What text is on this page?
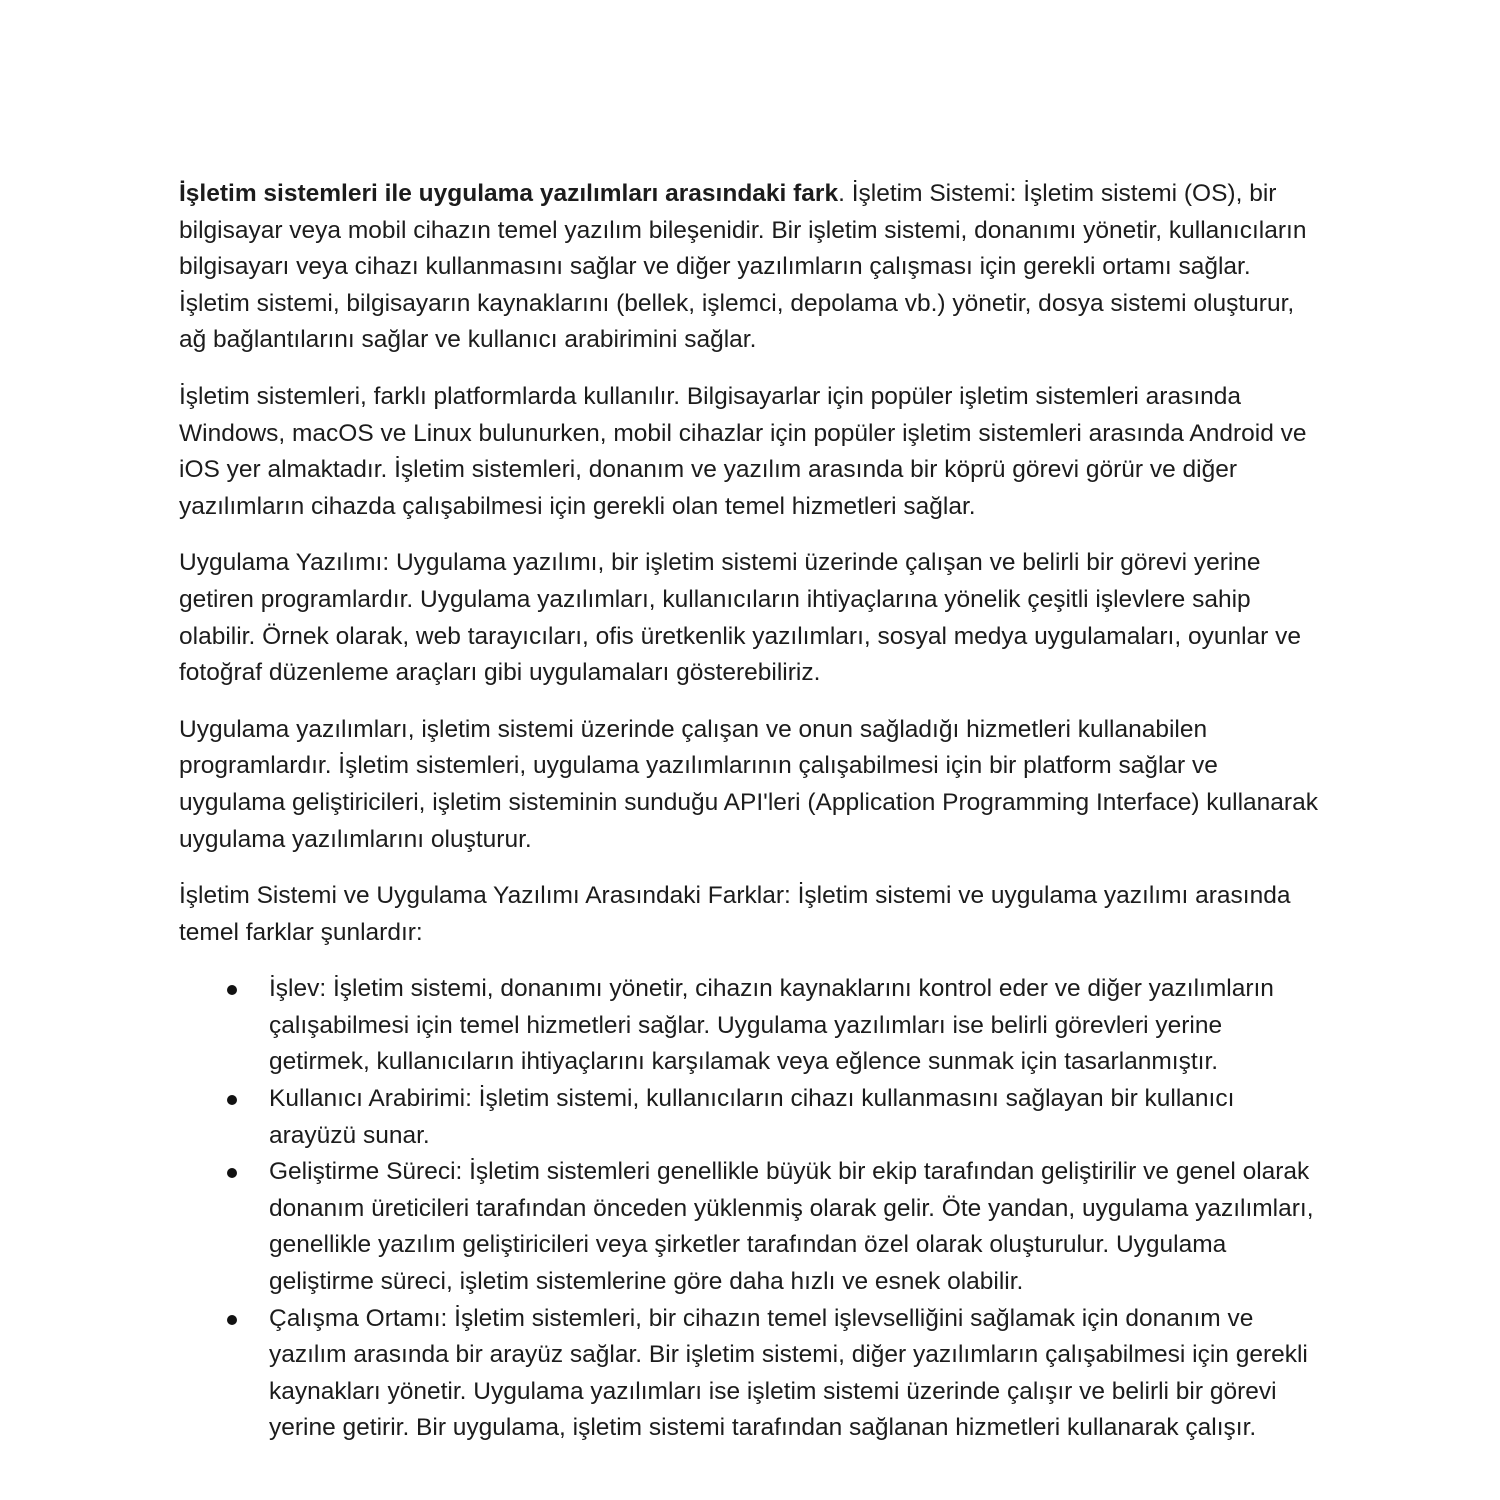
İşletim sistemleri ile uygulama yazılımları arasındaki fark. İşletim Sistemi: İşletim sistemi (OS), bir bilgisayar veya mobil cihazın temel yazılım bileşenidir. Bir işletim sistemi, donanımı yönetir, kullanıcıların bilgisayarı veya cihazı kullanmasını sağlar ve diğer yazılımların çalışması için gerekli ortamı sağlar. İşletim sistemi, bilgisayarın kaynaklarını (bellek, işlemci, depolama vb.) yönetir, dosya sistemi oluşturur, ağ bağlantılarını sağlar ve kullanıcı arabirimini sağlar.

İşletim sistemleri, farklı platformlarda kullanılır. Bilgisayarlar için popüler işletim sistemleri arasında Windows, macOS ve Linux bulunurken, mobil cihazlar için popüler işletim sistemleri arasında Android ve iOS yer almaktadır. İşletim sistemleri, donanım ve yazılım arasında bir köprü görevi görür ve diğer yazılımların cihazda çalışabilmesi için gerekli olan temel hizmetleri sağlar.

Uygulama Yazılımı: Uygulama yazılımı, bir işletim sistemi üzerinde çalışan ve belirli bir görevi yerine getiren programlardır. Uygulama yazılımları, kullanıcıların ihtiyaçlarına yönelik çeşitli işlevlere sahip olabilir. Örnek olarak, web tarayıcıları, ofis üretkenlik yazılımları, sosyal medya uygulamaları, oyunlar ve fotoğraf düzenleme araçları gibi uygulamaları gösterebiliriz.

Uygulama yazılımları, işletim sistemi üzerinde çalışan ve onun sağladığı hizmetleri kullanabilen programlardır. İşletim sistemleri, uygulama yazılımlarının çalışabilmesi için bir platform sağlar ve uygulama geliştiricileri, işletim sisteminin sunduğu API'leri (Application Programming Interface) kullanarak uygulama yazılımlarını oluşturur.

İşletim Sistemi ve Uygulama Yazılımı Arasındaki Farklar: İşletim sistemi ve uygulama yazılımı arasında temel farklar şunlardır:

İşlev: İşletim sistemi, donanımı yönetir, cihazın kaynaklarını kontrol eder ve diğer yazılımların çalışabilmesi için temel hizmetleri sağlar. Uygulama yazılımları ise belirli görevleri yerine getirmek, kullanıcıların ihtiyaçlarını karşılamak veya eğlence sunmak için tasarlanmıştır.
Kullanıcı Arabirimi: İşletim sistemi, kullanıcıların cihazı kullanmasını sağlayan bir kullanıcı arayüzü sunar.
Geliştirme Süreci: İşletim sistemleri genellikle büyük bir ekip tarafından geliştirilir ve genel olarak donanım üreticileri tarafından önceden yüklenmiş olarak gelir. Öte yandan, uygulama yazılımları, genellikle yazılım geliştiricileri veya şirketler tarafından özel olarak oluşturulur. Uygulama geliştirme süreci, işletim sistemlerine göre daha hızlı ve esnek olabilir.
Çalışma Ortamı: İşletim sistemleri, bir cihazın temel işlevselliğini sağlamak için donanım ve yazılım arasında bir arayüz sağlar. Bir işletim sistemi, diğer yazılımların çalışabilmesi için gerekli kaynakları yönetir. Uygulama yazılımları ise işletim sistemi üzerinde çalışır ve belirli bir görevi yerine getirir. Bir uygulama, işletim sistemi tarafından sağlanan hizmetleri kullanarak çalışır.
